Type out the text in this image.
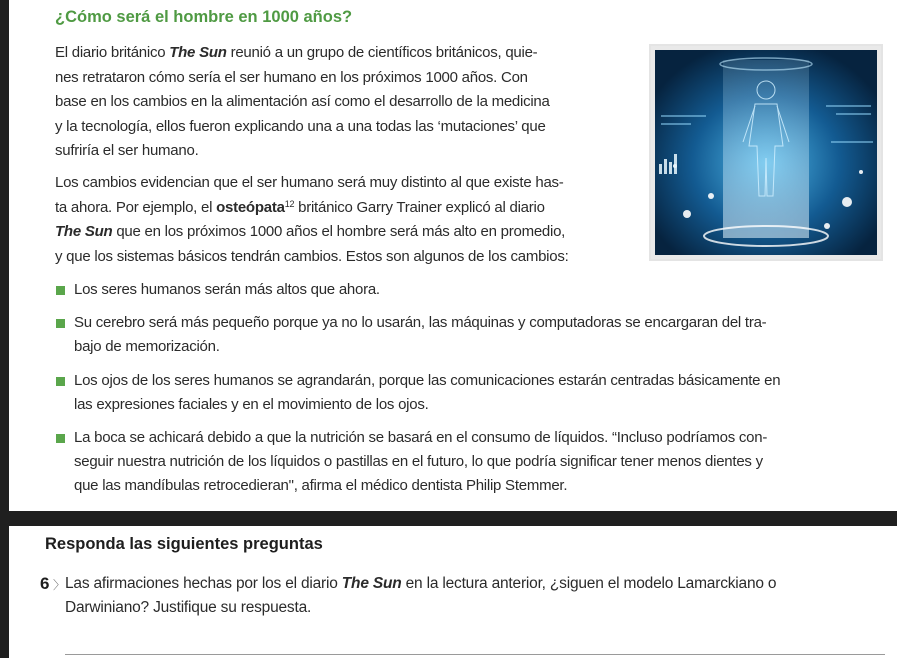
¿Cómo será el hombre en 1000 años?

El diario británico The Sun reunió a un grupo de científicos británicos, quie-
nes retrataron cómo sería el ser humano en los próximos 1000 años. Con
base en los cambios en la alimentación así como el desarrollo de la medicina
y la tecnología, ellos fueron explicando una a una todas las ‘mutaciones’ que
sufriría el ser humano.

Los cambios evidencian que el ser humano será muy distinto al que existe has-
ta ahora. Por ejemplo, el osteópata$^{12}$ británico Garry Trainer explicó al diario
The Sun que en los próximos 1000 años el hombre será más alto en promedio,
y que los sistemas básicos tendrán cambios. Estos son algunos de los cambios:

Los seres humanos serán más altos que ahora.
Su cerebro será más pequeño porque ya no lo usarán, las máquinas y computadoras se encargaran del tra-
bajo de memorización.
Los ojos de los seres humanos se agrandarán, porque las comunicaciones estarán centradas básicamente en
las expresiones faciales y en el movimiento de los ojos.
La boca se achicará debido a que la nutrición se basará en el consumo de líquidos. “Incluso podríamos con-
seguir nuestra nutrición de los líquidos o pastillas en el futuro, lo que podría significar tener menos dientes y
que las mandíbulas retrocedieran", afirma el médico dentista Philip Stemmer.
Responda las siguientes preguntas
6 〉 Las afirmaciones hechas por los el diario The Sun en la lectura anterior, ¿siguen el modelo Lamarckiano o
Darwiniano? Justifique su respuesta.
